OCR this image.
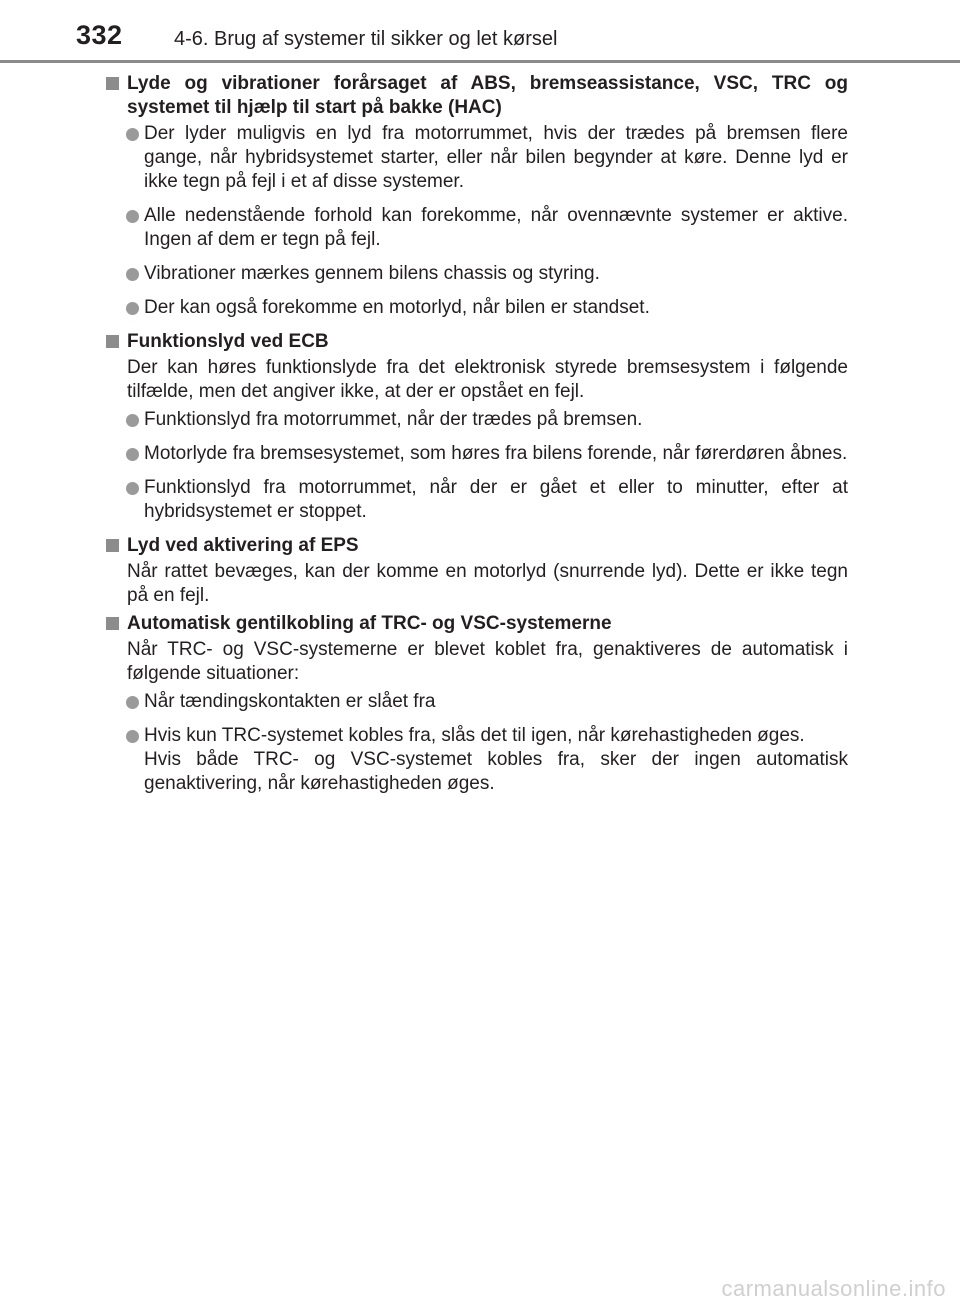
332	4-6. Brug af systemer til sikker og let kørsel
Lyde og vibrationer forårsaget af ABS, bremseassistance, VSC, TRC og systemet til hjælp til start på bakke (HAC)
Der lyder muligvis en lyd fra motorrummet, hvis der trædes på bremsen flere gange, når hybridsystemet starter, eller når bilen begynder at køre. Denne lyd er ikke tegn på fejl i et af disse systemer.
Alle nedenstående forhold kan forekomme, når ovennævnte systemer er aktive. Ingen af dem er tegn på fejl.
Vibrationer mærkes gennem bilens chassis og styring.
Der kan også forekomme en motorlyd, når bilen er standset.
Funktionslyd ved ECB
Der kan høres funktionslyde fra det elektronisk styrede bremsesystem i følgende tilfælde, men det angiver ikke, at der er opstået en fejl.
Funktionslyd fra motorrummet, når der trædes på bremsen.
Motorlyde fra bremsesystemet, som høres fra bilens forende, når førerdøren åbnes.
Funktionslyd fra motorrummet, når der er gået et eller to minutter, efter at hybridsystemet er stoppet.
Lyd ved aktivering af EPS
Når rattet bevæges, kan der komme en motorlyd (snurrende lyd). Dette er ikke tegn på en fejl.
Automatisk gentilkobling af TRC- og VSC-systemerne
Når TRC- og VSC-systemerne er blevet koblet fra, genaktiveres de automatisk i følgende situationer:
Når tændingskontakten er slået fra
Hvis kun TRC-systemet kobles fra, slås det til igen, når kørehastigheden øges.
Hvis både TRC- og VSC-systemet kobles fra, sker der ingen automatisk genaktivering, når kørehastigheden øges.
carmanualsonline.info
